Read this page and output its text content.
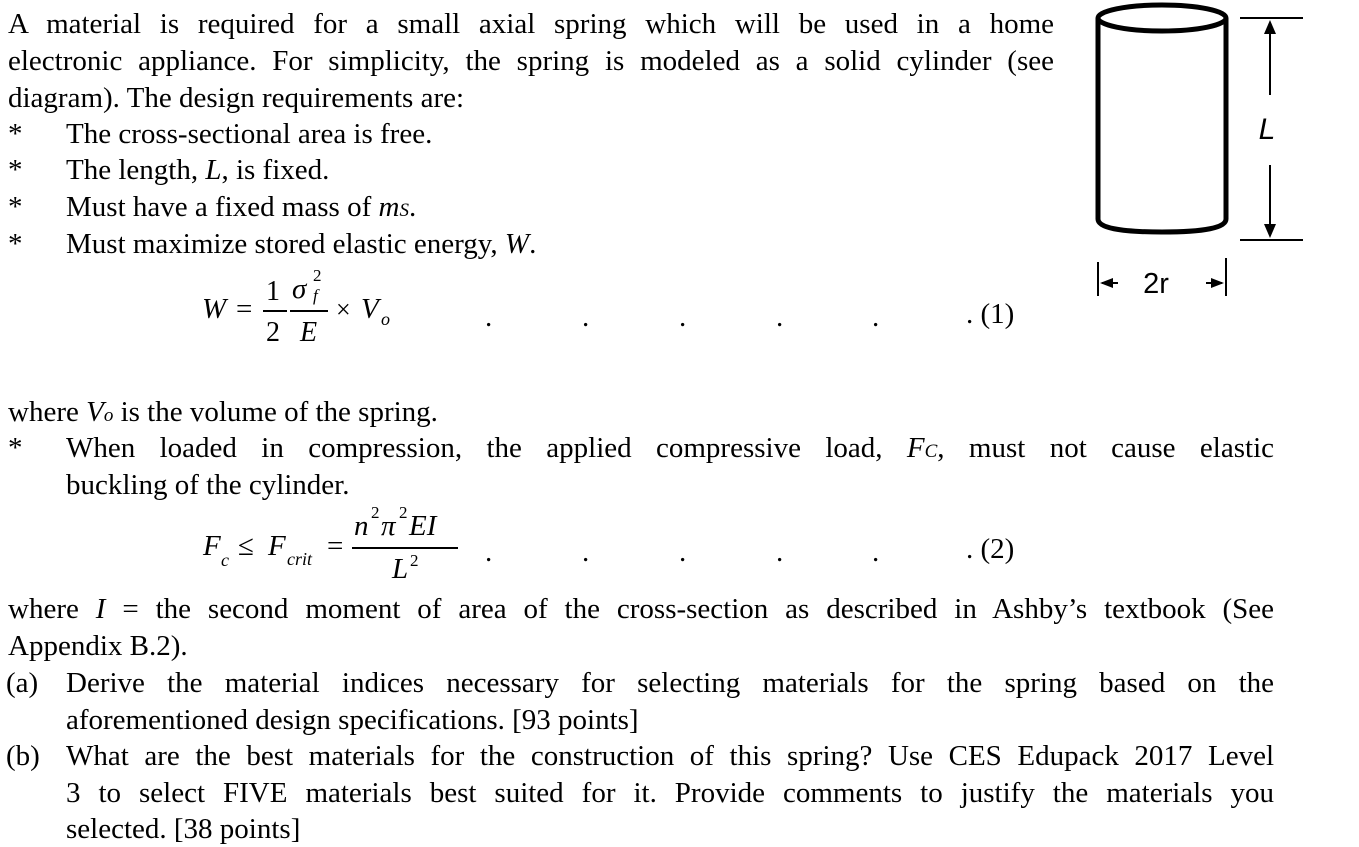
A material is required for a small axial spring which will be used in a home
electronic appliance. For simplicity, the spring is modeled as a solid cylinder (see
diagram). The design requirements are:
* The cross-sectional area is free.
* The length, L, is fixed.
* Must have a fixed mass of mS.
* Must maximize stored elastic energy, W.
W =
1
2
σ 2
f
E
× V o	.	.	.	.	.	. (1)
where Vo is the volume of the spring.
* When loaded in compression, the applied compressive load, FC, must not cause elastic
buckling of the cylinder.
F c ≤ F crit =
n 2 π 2 EI
L 2 .	.	.	.	.	. (2)
where I = the second moment of area of the cross-section as described in Ashby’s textbook (See
Appendix B.2).
(a) Derive the material indices necessary for selecting materials for the spring based on the
aforementioned design specifications. [93 points]
(b) What are the best materials for the construction of this spring? Use CES Edupack 2017 Level
3 to select FIVE materials best suited for it. Provide comments to justify the materials you
selected. [38 points]
L
2r
